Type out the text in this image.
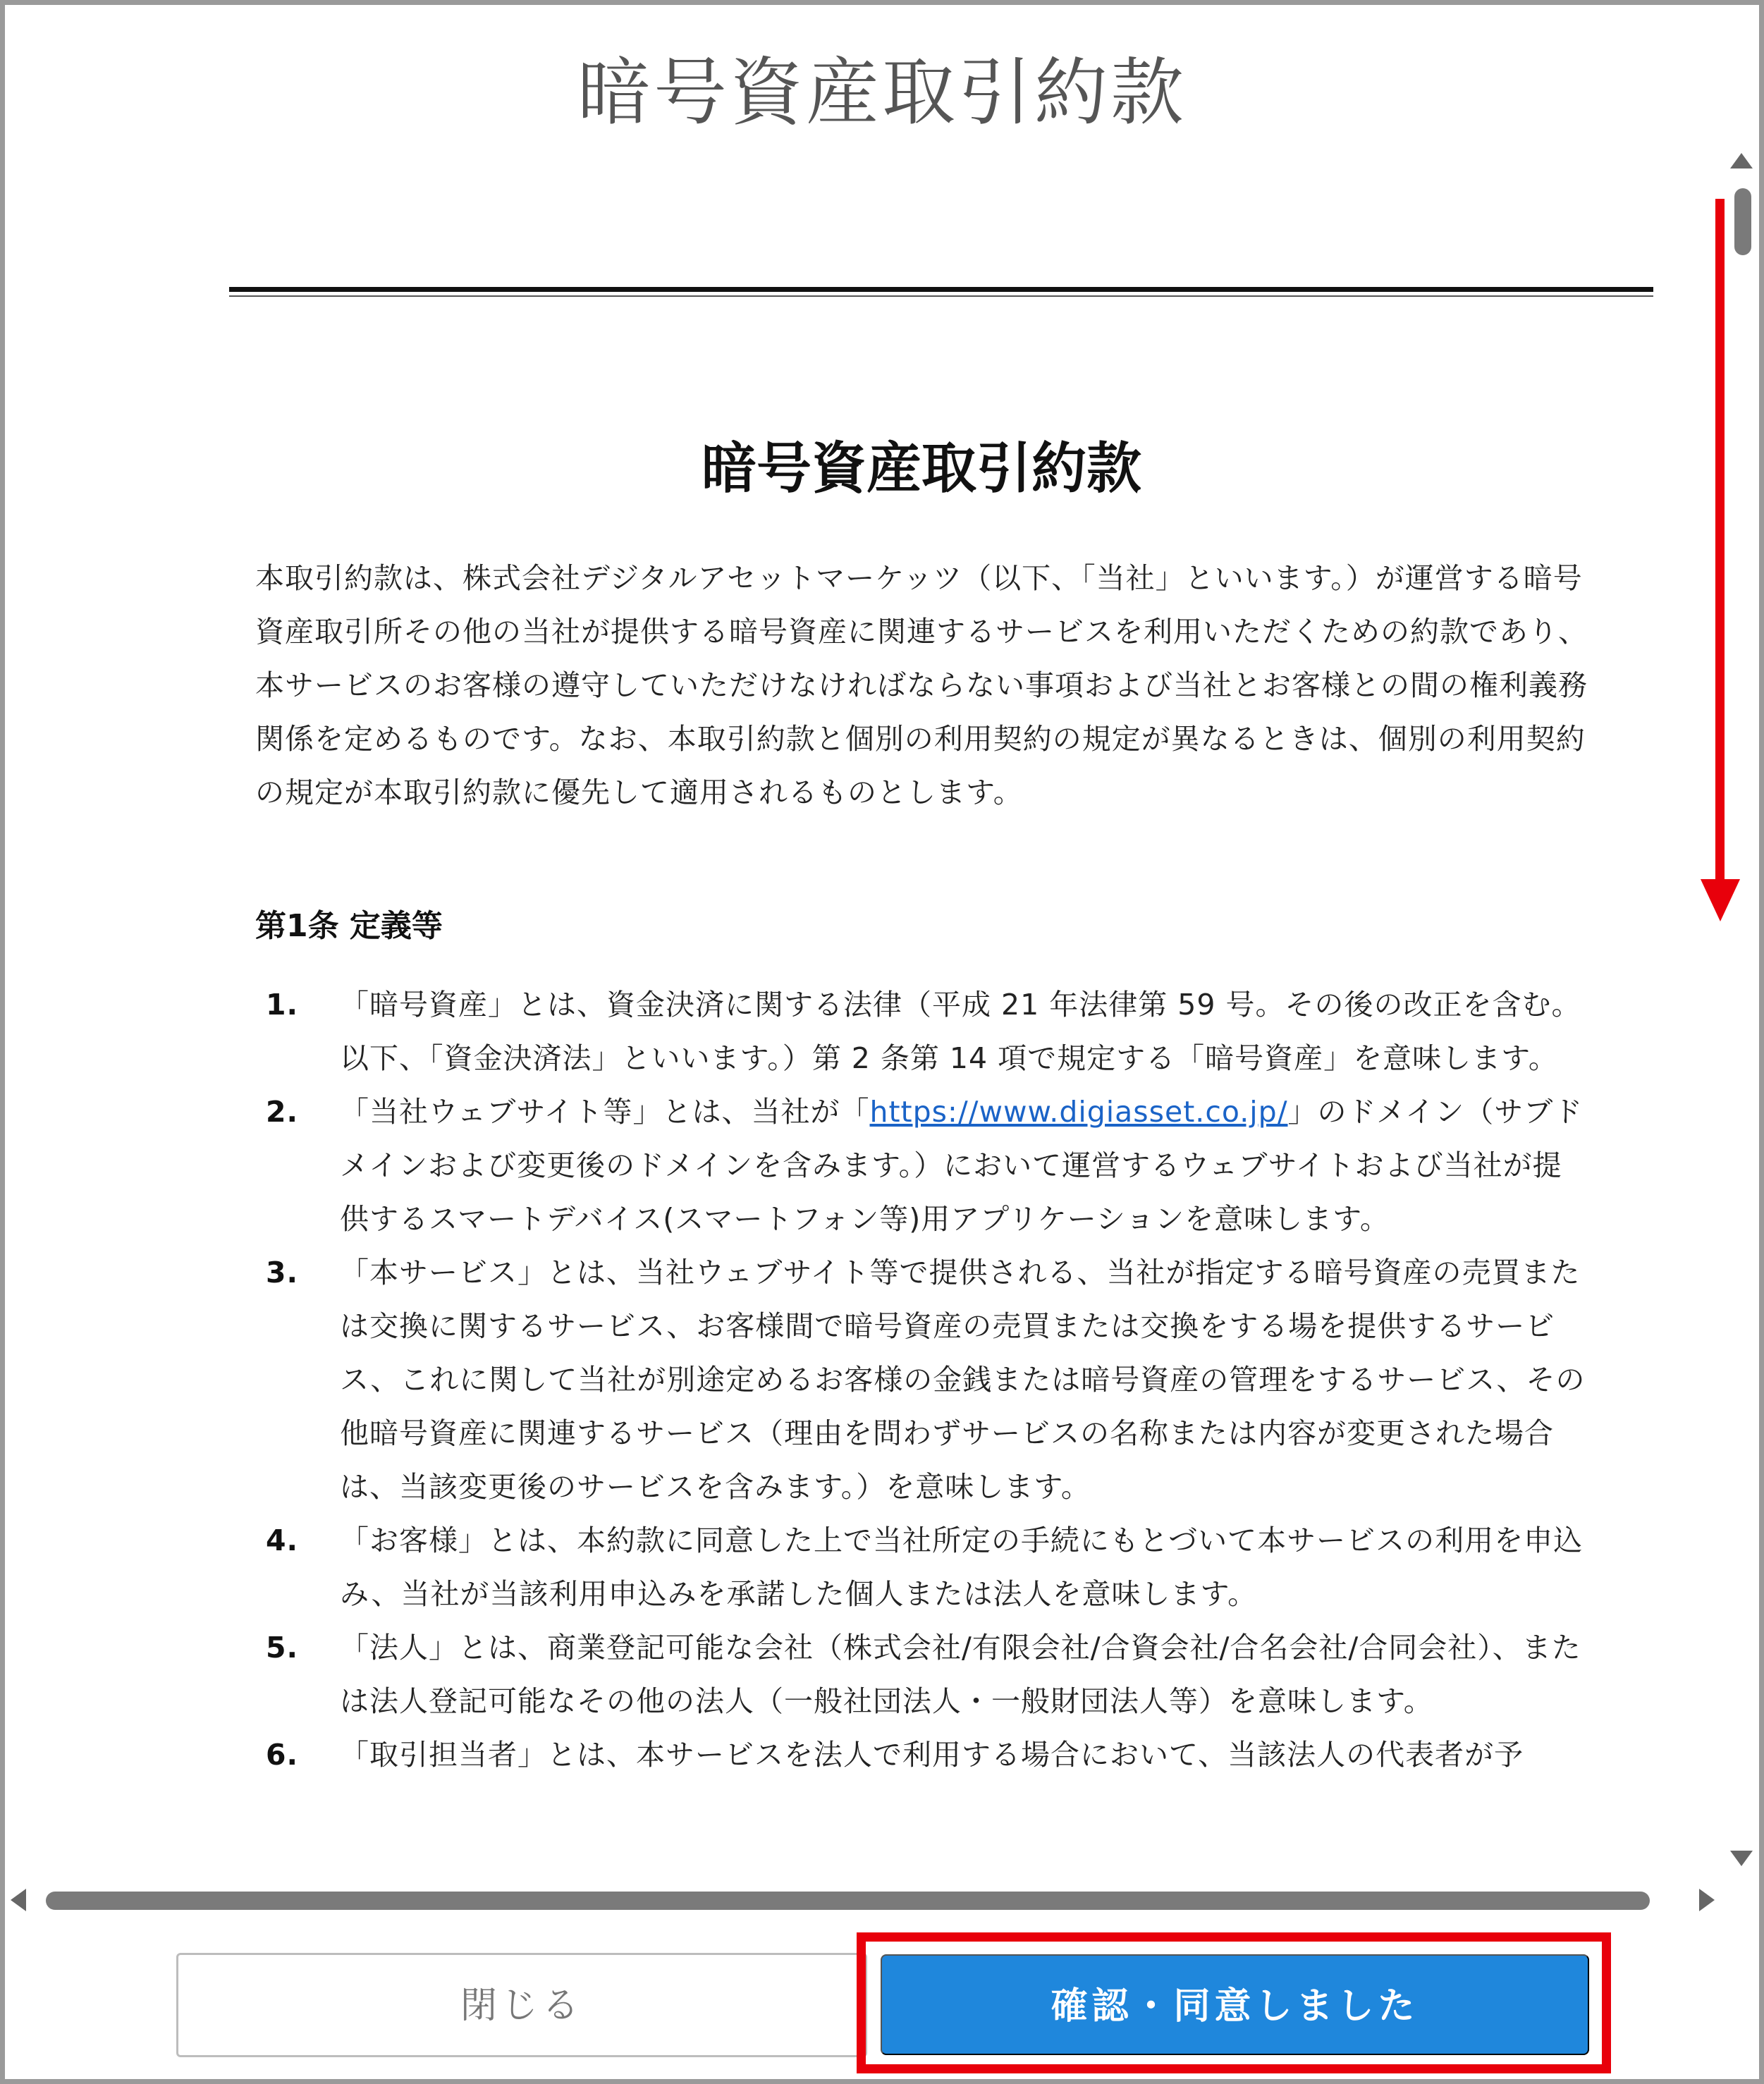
暗号資産取引約款
暗号資産取引約款
本取引約款は、株式会社デジタルアセットマーケッツ（以下、「当社」といいます。）が運営する暗号資産取引所その他の当社が提供する暗号資産に関連するサービスを利用いただくための約款であり、本サービスのお客様の遵守していただけなければならない事項および当社とお客様との間の権利義務関係を定めるものです。なお、本取引約款と個別の利用契約の規定が異なるときは、個別の利用契約の規定が本取引約款に優先して適用されるものとします。
第1条 定義等
1. 「暗号資産」とは、資金決済に関する法律（平成 21 年法律第 59 号。その後の改正を含む。以下、「資金決済法」といいます。）第 2 条第 14 項で規定する「暗号資産」を意味します。
2. 「当社ウェブサイト等」とは、当社が「https://www.digiasset.co.jp/」のドメイン（サブドメインおよび変更後のドメインを含みます。）において運営するウェブサイトおよび当社が提供するスマートデバイス(スマートフォン等)用アプリケーションを意味します。
3. 「本サービス」とは、当社ウェブサイト等で提供される、当社が指定する暗号資産の売買または交換に関するサービス、お客様間で暗号資産の売買または交換をする場を提供するサービス、これに関して当社が別途定めるお客様の金銭または暗号資産の管理をするサービス、その他暗号資産に関連するサービス（理由を問わずサービスの名称または内容が変更された場合は、当該変更後のサービスを含みます。）を意味します。
4. 「お客様」とは、本約款に同意した上で当社所定の手続にもとづいて本サービスの利用を申込み、当社が当該利用申込みを承諾した個人または法人を意味します。
5. 「法人」とは、商業登記可能な会社（株式会社/有限会社/合資会社/合名会社/合同会社）、または法人登記可能なその他の法人（一般社団法人・一般財団法人等）を意味します。
6. 「取引担当者」とは、本サービスを法人で利用する場合において、当該法人の代表者が予
閉じる	確認・同意しました
